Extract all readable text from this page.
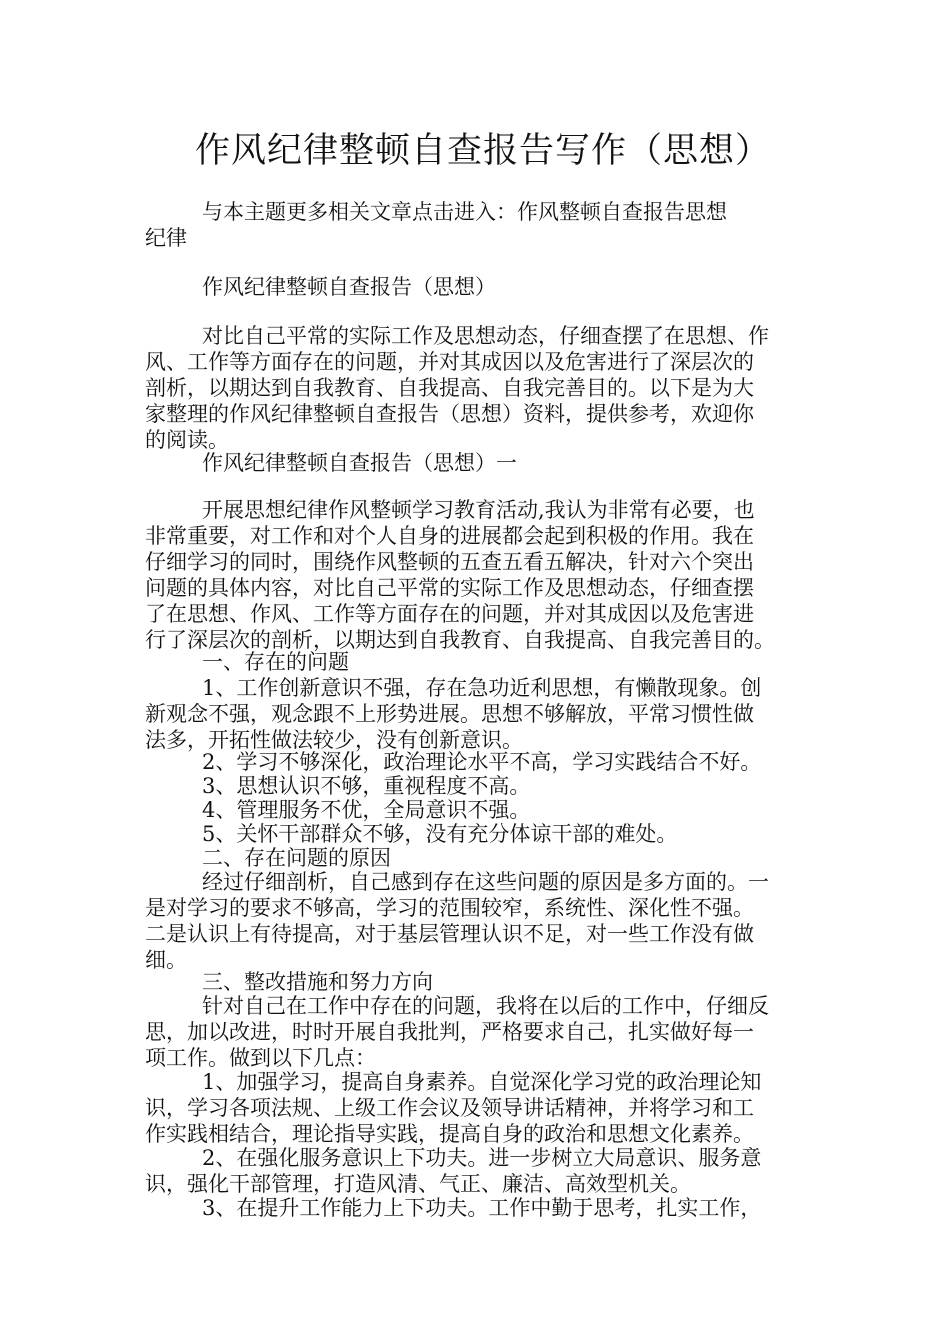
作风纪律整顿自查报告写作（思想）
与本主题更多相关文章点击进入：作风整顿自查报告思想
纪律
作风纪律整顿自查报告（思想）
对比自己平常的实际工作及思想动态，仔细查摆了在思想、作
风、工作等方面存在的问题，并对其成因以及危害进行了深层次的
剖析，以期达到自我教育、自我提高、自我完善目的。以下是为大
家整理的作风纪律整顿自查报告（思想）资料，提供参考，欢迎你
的阅读。
作风纪律整顿自查报告（思想）一
开展思想纪律作风整顿学习教育活动,我认为非常有必要，也
非常重要，对工作和对个人自身的进展都会起到积极的作用。我在
仔细学习的同时，围绕作风整顿的五查五看五解决，针对六个突出
问题的具体内容，对比自己平常的实际工作及思想动态，仔细查摆
了在思想、作风、工作等方面存在的问题，并对其成因以及危害进
行了深层次的剖析，以期达到自我教育、自我提高、自我完善目的。
一、存在的问题
1、工作创新意识不强，存在急功近利思想，有懒散现象。创
新观念不强，观念跟不上形势进展。思想不够解放，平常习惯性做
法多，开拓性做法较少，没有创新意识。
2、学习不够深化，政治理论水平不高，学习实践结合不好。
3、思想认识不够，重视程度不高。
4、管理服务不优，全局意识不强。
5、关怀干部群众不够，没有充分体谅干部的难处。
二、存在问题的原因
经过仔细剖析，自己感到存在这些问题的原因是多方面的。一
是对学习的要求不够高，学习的范围较窄，系统性、深化性不强。
二是认识上有待提高，对于基层管理认识不足，对一些工作没有做
细。
三、整改措施和努力方向
针对自己在工作中存在的问题，我将在以后的工作中，仔细反
思，加以改进，时时开展自我批判，严格要求自己，扎实做好每一
项工作。做到以下几点：
1、加强学习，提高自身素养。自觉深化学习党的政治理论知
识，学习各项法规、上级工作会议及领导讲话精神，并将学习和工
作实践相结合，理论指导实践，提高自身的政治和思想文化素养。
2、在强化服务意识上下功夫。进一步树立大局意识、服务意
识，强化干部管理，打造风清、气正、廉洁、高效型机关。
3、在提升工作能力上下功夫。工作中勤于思考，扎实工作，
